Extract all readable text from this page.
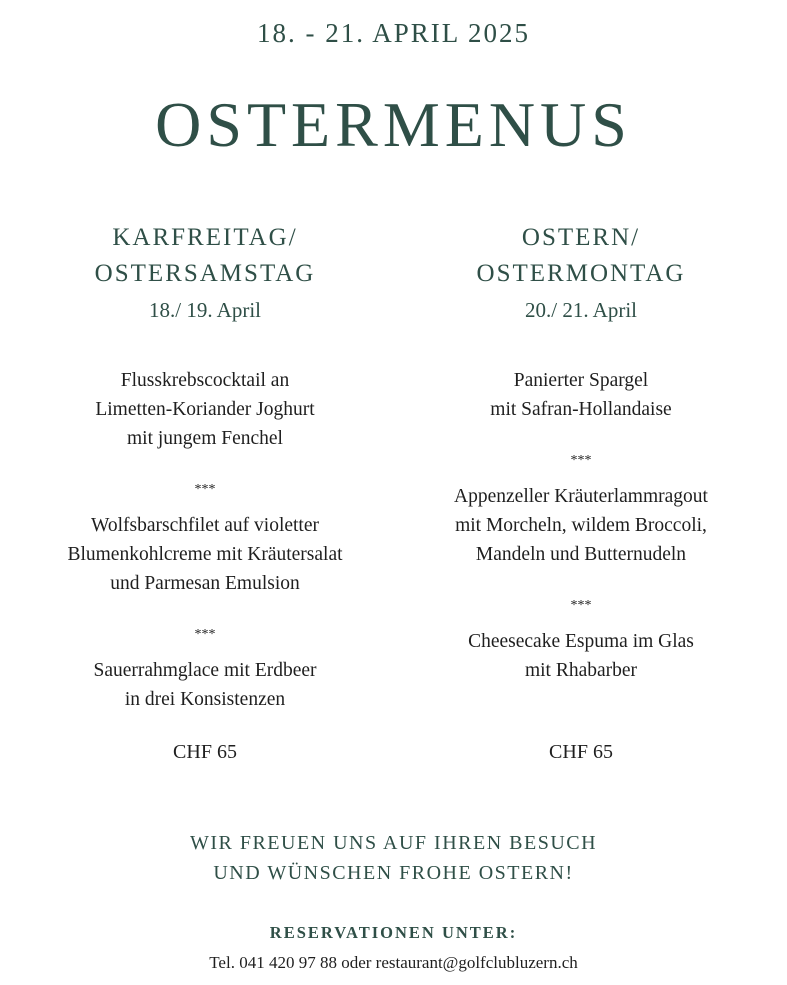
18. - 21. APRIL 2025
OSTERMENUS
KARFREITAG/
OSTERSAMSTAG
18./ 19. April
Flusskrebscocktail an
Limetten-Koriander Joghurt
mit jungem Fenchel
***
Wolfsbarschfilet auf violetter
Blumenkohlcreme mit Kräutersalat
und Parmesan Emulsion
***
Sauerrahmglace mit Erdbeer
in drei Konsistenzen
CHF 65
OSTERN/
OSTERMONTAG
20./ 21. April
Panierter Spargel
mit Safran-Hollandaise
***
Appenzeller Kräuterlammragout
mit Morcheln, wildem Broccoli,
Mandeln und Butternudeln
***
Cheesecake Espuma im Glas
mit Rhabarber
CHF 65
WIR FREUEN UNS AUF IHREN BESUCH
UND WÜNSCHEN FROHE OSTERN!
RESERVATIONEN UNTER:
Tel. 041 420 97 88 oder restaurant@golfclubluzern.ch
